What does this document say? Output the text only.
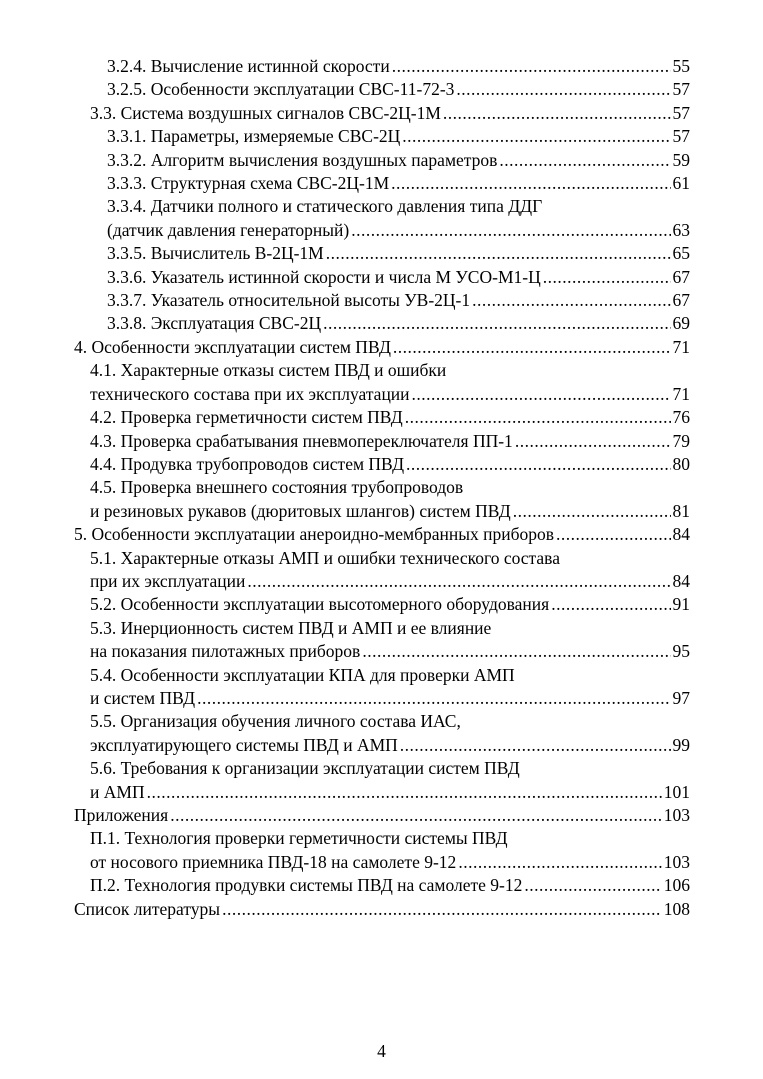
3.2.4. Вычисление истинной скорости .....	55
3.2.5. Особенности эксплуатации СВС-11-72-3 .....	57
3.3. Система воздушных сигналов СВС-2Ц-1М .....	57
3.3.1. Параметры, измеряемые СВС-2Ц .....	57
3.3.2. Алгоритм вычисления воздушных параметров .....	59
3.3.3. Структурная схема СВС-2Ц-1М .....	61
3.3.4. Датчики полного и статического давления типа ДДГ
(датчик давления генераторный) .....	63
3.3.5. Вычислитель В-2Ц-1М .....	65
3.3.6. Указатель истинной скорости и числа М УСО-М1-Ц .....	67
3.3.7. Указатель относительной высоты УВ-2Ц-1 .....	67
3.3.8. Эксплуатация СВС-2Ц .....	69
4. Особенности эксплуатации систем ПВД .....	71
4.1. Характерные отказы систем ПВД и ошибки
технического состава при их эксплуатации .....	71
4.2. Проверка герметичности систем ПВД .....	76
4.3. Проверка срабатывания пневмопереключателя ПП-1 .....	79
4.4. Продувка трубопроводов систем ПВД .....	80
4.5. Проверка внешнего состояния трубопроводов
и резиновых рукавов (дюритовых шлангов) систем ПВД .....	81
5. Особенности эксплуатации анероидно-мембранных приборов .....	84
5.1. Характерные отказы АМП и ошибки технического состава
при их эксплуатации .....	84
5.2. Особенности эксплуатации высотомерного оборудования .....	91
5.3. Инерционность систем ПВД и АМП и ее влияние
на показания пилотажных приборов .....	95
5.4. Особенности эксплуатации КПА для проверки АМП
и систем ПВД .....	97
5.5. Организация обучения личного состава ИАС,
эксплуатирующего системы ПВД и АМП .....	99
5.6. Требования к организации эксплуатации систем ПВД
и АМП .....	101
Приложения .....	103
П.1. Технология проверки герметичности системы ПВД
от носового приемника ПВД-18 на самолете 9-12 .....	103
П.2. Технология продувки системы ПВД на самолете 9-12 .....	106
Список литературы .....	108
4
